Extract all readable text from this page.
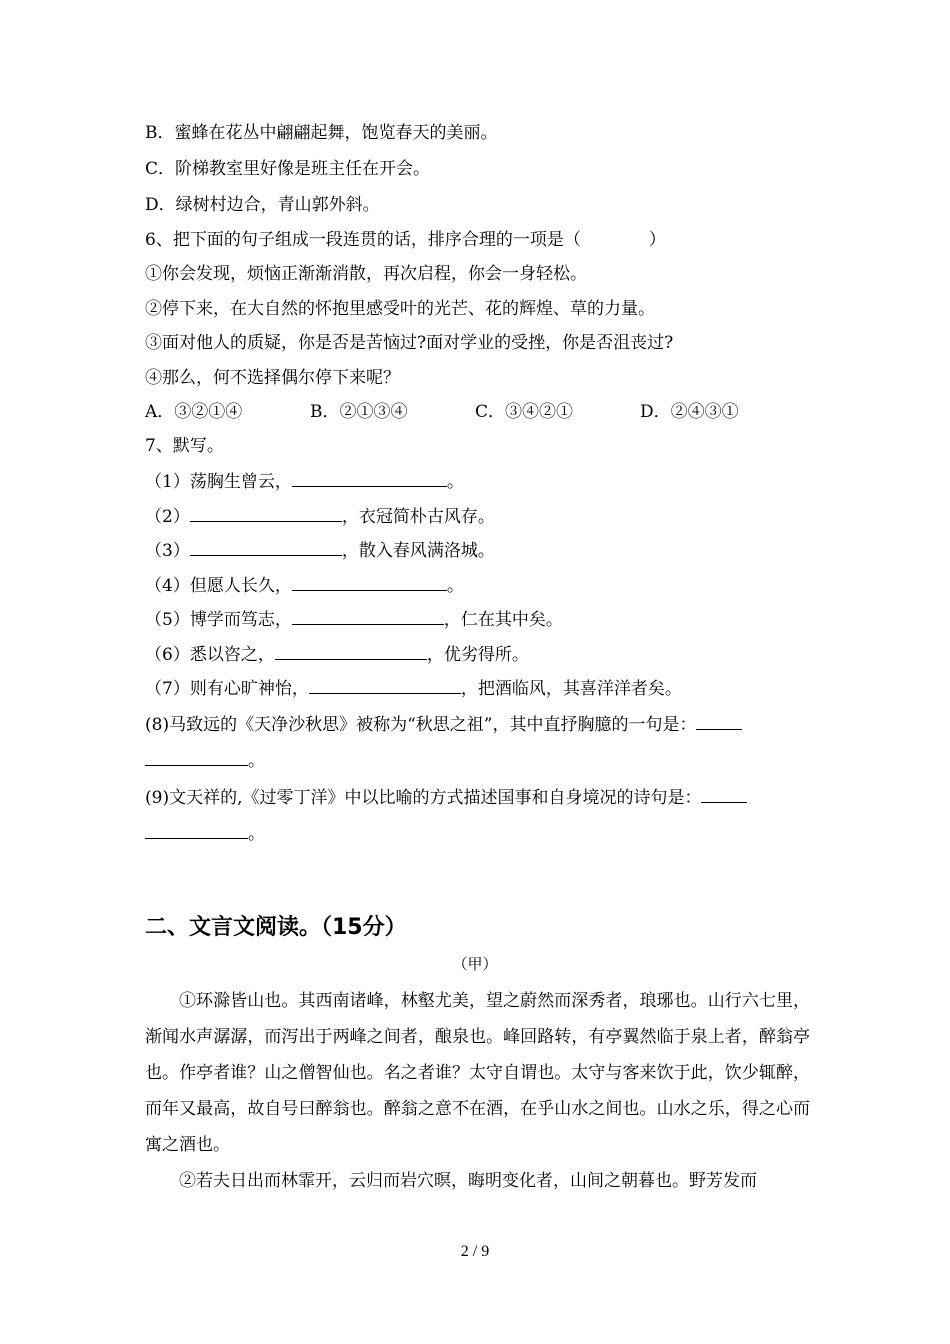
B．蜜蜂在花丛中翩翩起舞，饱览春天的美丽。
C．阶梯教室里好像是班主任在开会。
D．绿树村边合，青山郭外斜。
6、把下面的句子组成一段连贯的话，排序合理的一项是（　　　　）
①你会发现，烦恼正渐渐消散，再次启程，你会一身轻松。
②停下来，在大自然的怀抱里感受叶的光芒、花的辉煌、草的力量。
③面对他人的质疑，你是否是苦恼过?面对学业的受挫，你是否沮丧过?
④那么，何不选择偶尔停下来呢？
A．③②①④	B．②①③④	C．③④②①	D．②④③①
7、默写。
（1）荡胸生曾云，	。
（2）	，衣冠简朴古风存。
（3）	，散入春风满洛城。
（4）但愿人长久，	。
（5）博学而笃志，	，仁在其中矣。
（6）悉以咨之，	，优劣得所。
（7）则有心旷神怡，	，把酒临风，其喜洋洋者矣。
(8)马致远的《天净沙秋思》被称为“秋思之祖”，其中直抒胸臆的一句是：
。
(9)文天祥的,《过零丁洋》中以比喻的方式描述国事和自身境况的诗句是：
。
二、文言文阅读。（15分）
（甲）
①环滁皆山也。其西南诸峰，林壑尤美，望之蔚然而深秀者，琅琊也。山行六七里，渐闻水声潺潺，而泻出于两峰之间者，酿泉也。峰回路转，有亭翼然临于泉上者，醉翁亭也。作亭者谁？山之僧智仙也。名之者谁？太守自谓也。太守与客来饮于此，饮少辄醉，而年又最高，故自号曰醉翁也。醉翁之意不在酒，在乎山水之间也。山水之乐，得之心而寓之酒也。
②若夫日出而林霏开，云归而岩穴暝，晦明变化者，山间之朝暮也。野芳发而
2 / 9
